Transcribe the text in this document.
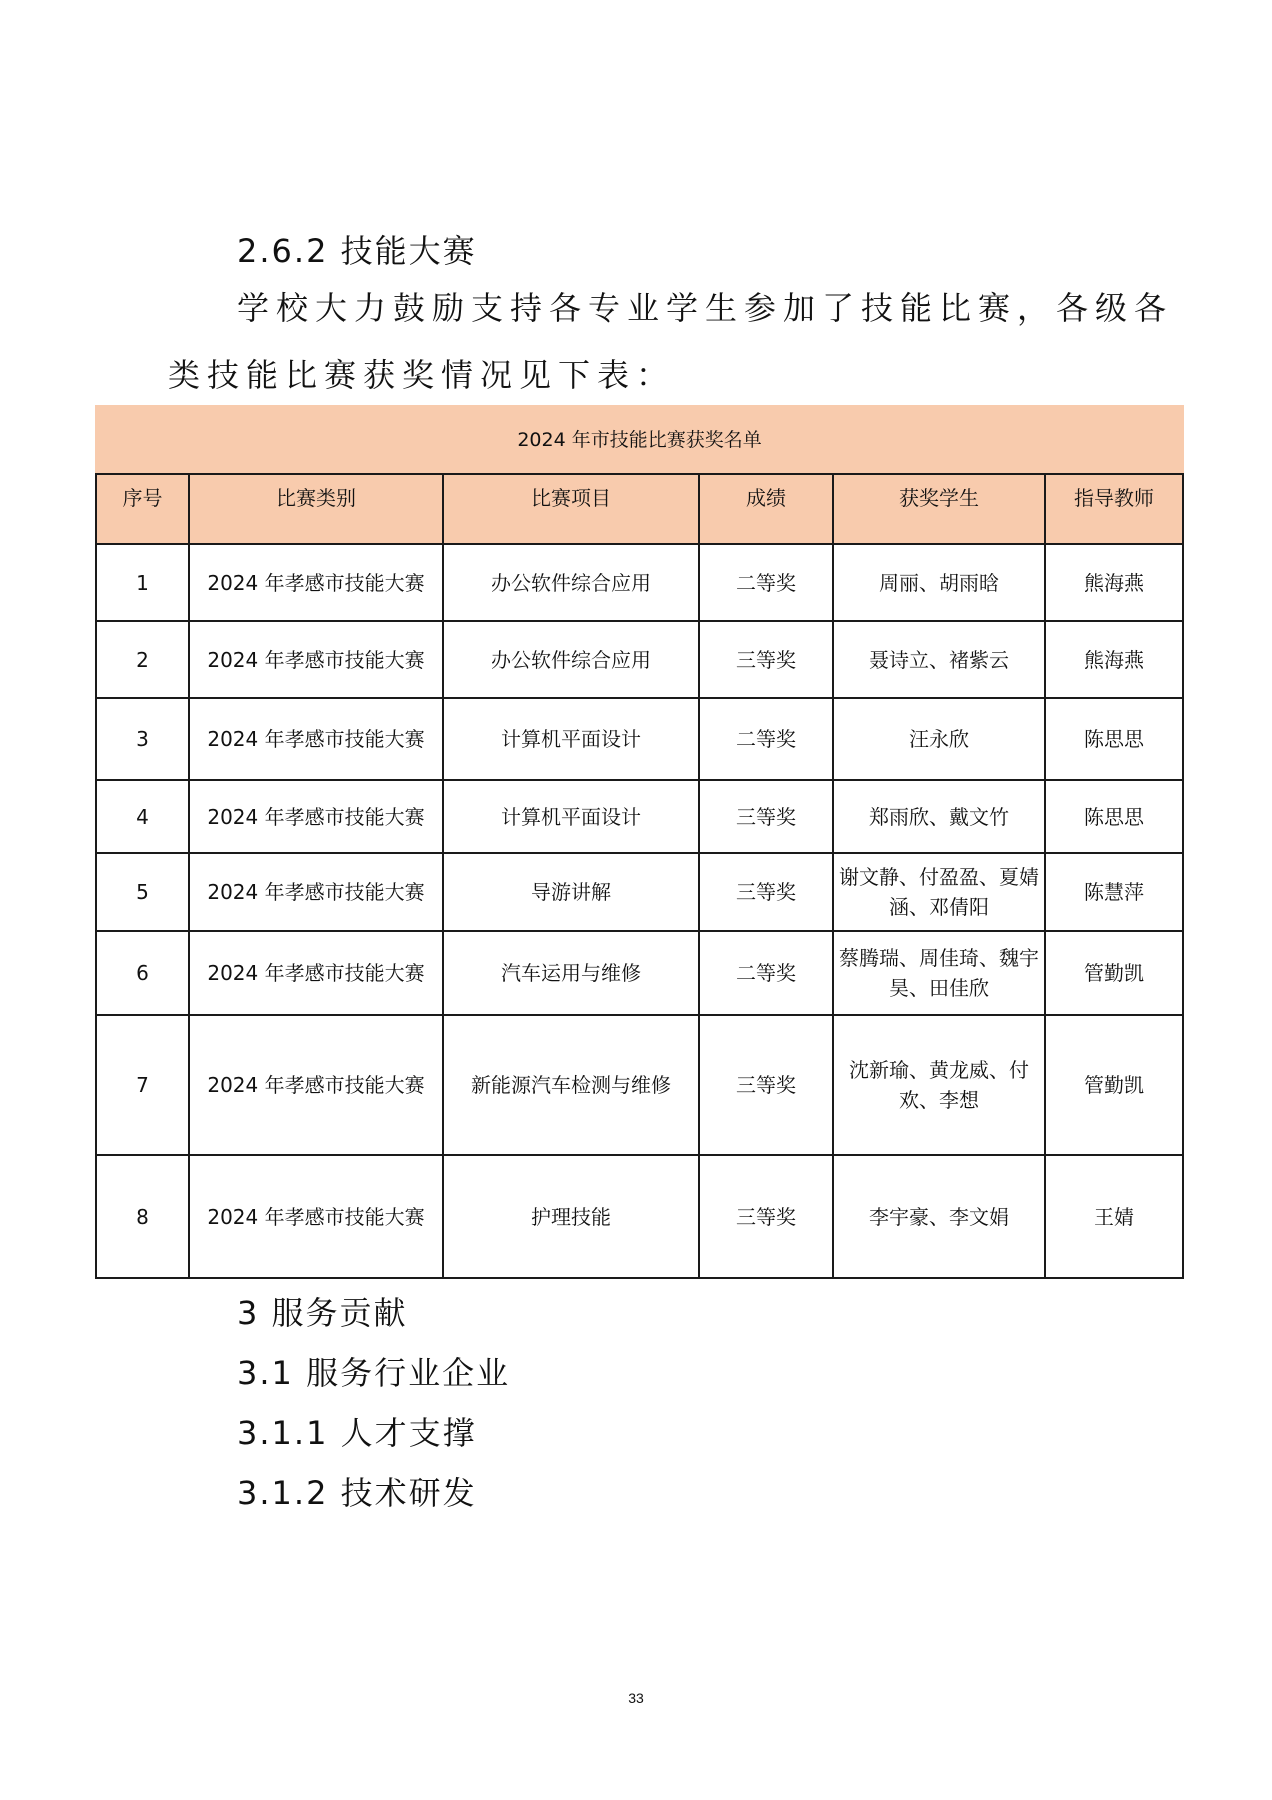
2.6.2 技能大赛
学校大力鼓励支持各专业学生参加了技能比赛，各级各
类技能比赛获奖情况见下表：
2024 年市技能比赛获奖名单					
序号	比赛类别	比赛项目	成绩	获奖学生	指导教师
1	2024 年孝感市技能大赛	办公软件综合应用	二等奖	周丽、胡雨晗	熊海燕
2	2024 年孝感市技能大赛	办公软件综合应用	三等奖	聂诗立、褚紫云	熊海燕
3	2024 年孝感市技能大赛	计算机平面设计	二等奖	汪永欣	陈思思
4	2024 年孝感市技能大赛	计算机平面设计	三等奖	郑雨欣、戴文竹	陈思思
5	2024 年孝感市技能大赛	导游讲解	三等奖	谢文静、付盈盈、夏婧涵、邓倩阳	陈慧萍
6	2024 年孝感市技能大赛	汽车运用与维修	二等奖	蔡腾瑞、周佳琦、魏宇昊、田佳欣	管勤凯
7	2024 年孝感市技能大赛	新能源汽车检测与维修	三等奖	沈新瑜、黄龙威、付欢、李想	管勤凯
8	2024 年孝感市技能大赛	护理技能	三等奖	李宇豪、李文娟	王婧
3 服务贡献
3.1 服务行业企业
3.1.1 人才支撑
3.1.2 技术研发
33
